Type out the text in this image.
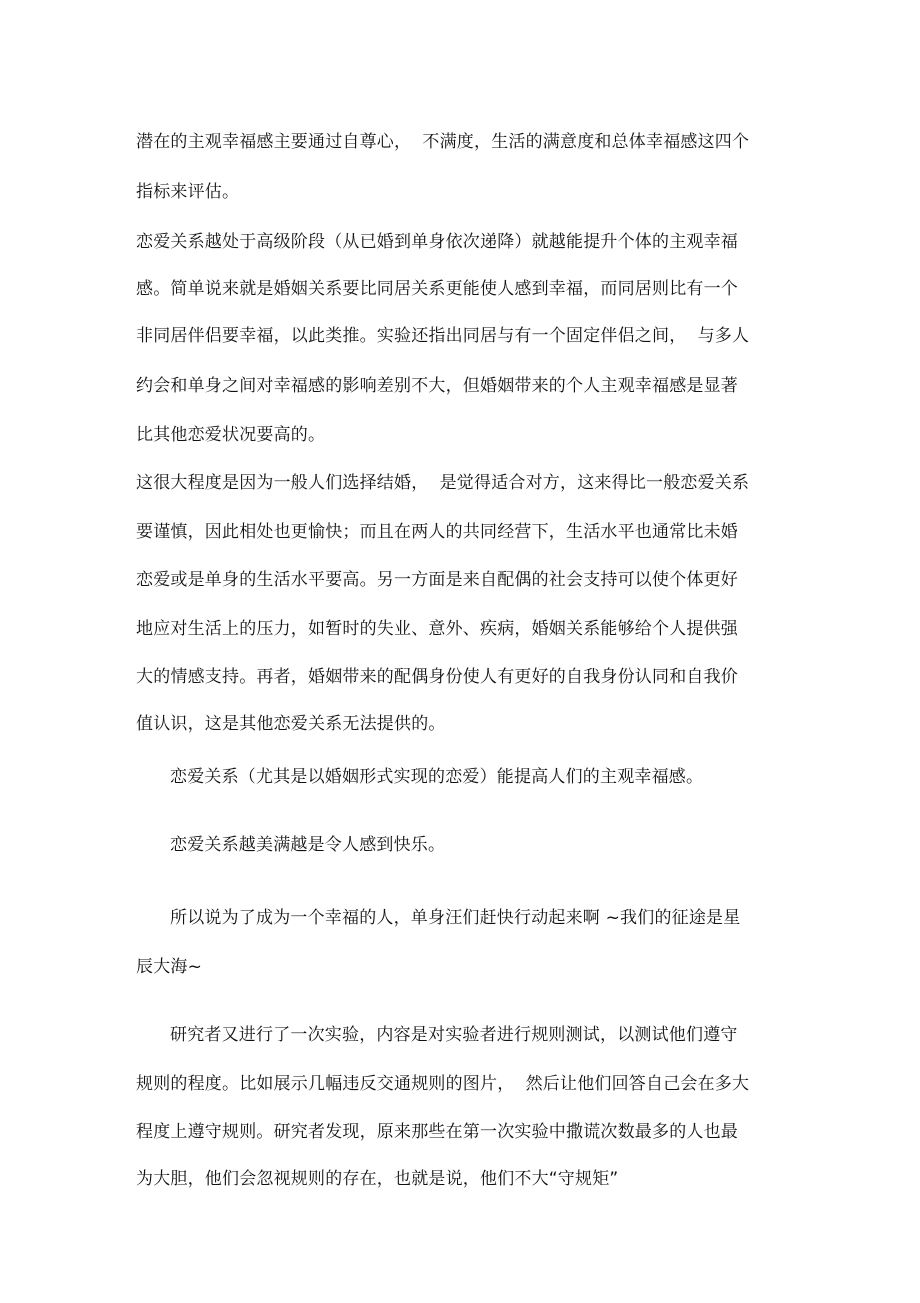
潜在的主观幸福感主要通过自尊心，  不满度，生活的满意度和总体幸福感这四个
指标来评估。
恋爱关系越处于高级阶段（从已婚到单身依次递降）就越能提升个体的主观幸福
感。简单说来就是婚姻关系要比同居关系更能使人感到幸福，而同居则比有一个
非同居伴侣要幸福，以此类推。实验还指出同居与有一个固定伴侣之间，  与多人
约会和单身之间对幸福感的影响差别不大，但婚姻带来的个人主观幸福感是显著
比其他恋爱状况要高的。
这很大程度是因为一般人们选择结婚，  是觉得适合对方，这来得比一般恋爱关系
要谨慎，因此相处也更愉快；而且在两人的共同经营下，生活水平也通常比未婚
恋爱或是单身的生活水平要高。另一方面是来自配偶的社会支持可以使个体更好
地应对生活上的压力，如暂时的失业、意外、疾病，婚姻关系能够给个人提供强
大的情感支持。再者，婚姻带来的配偶身份使人有更好的自我身份认同和自我价
值认识，这是其他恋爱关系无法提供的。
恋爱关系（尤其是以婚姻形式实现的恋爱）能提高人们的主观幸福感。
恋爱关系越美满越是令人感到快乐。
所以说为了成为一个幸福的人，单身汪们赶快行动起来啊 ~我们的征途是星
辰大海~
研究者又进行了一次实验，内容是对实验者进行规则测试，以测试他们遵守
规则的程度。比如展示几幅违反交通规则的图片，  然后让他们回答自己会在多大
程度上遵守规则。研究者发现，原来那些在第一次实验中撒谎次数最多的人也最
为大胆，他们会忽视规则的存在，也就是说，他们不大“守规矩”
